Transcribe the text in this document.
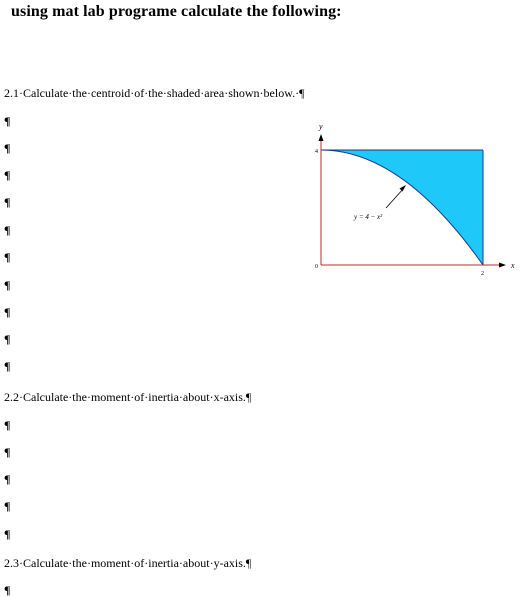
using mat lab programe calculate the following:
2.1·Calculate·the·centroid·of·the·shaded·area·shown·below.·¶
¶
¶
¶
¶
¶
¶
¶
¶
¶
¶
2.2·Calculate·the·moment·of·inertia·about·x-axis.¶
¶
¶
¶
¶
¶
2.3·Calculate·the·moment·of·inertia·about·y-axis.¶
¶
y
x
4
0
2
y = 4 − x²
